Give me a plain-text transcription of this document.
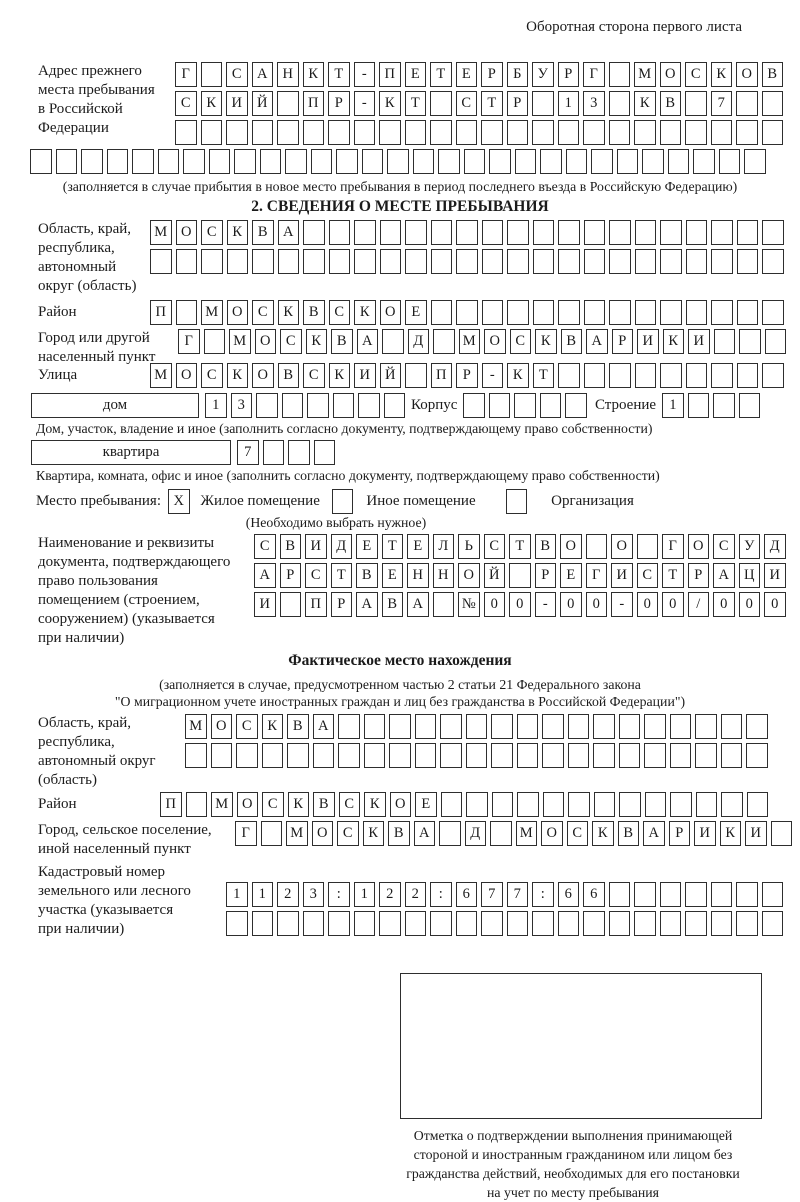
Оборотная сторона первого листа
Адрес прежнего
места пребывания
в Российской
Федерации
Г	С	А	Н	К	Т	-	П	Е	Т	Е	Р	Б	У	Р	Г	М О	С	К	О	В
С	К	И	Й	П	Р	-	К	Т	С	Т	Р	1	3	К	В	7
(заполняется в случае прибытия в новое место пребывания в период последнего въезда в Российскую Федерацию)
2. СВЕДЕНИЯ О МЕСТЕ ПРЕБЫВАНИЯ
Область, край,
республика,
автономный
округ (область)
М О	С	К	В	А
Район	П	М О	С	К	В	С	К	О	Е
Город или другой
населенный пункт
Г	М О	С	К	В	А	Д	М О	С	К	В	А	Р	И	К	И
Улица	М О	С	К	О	В	С	К	И	Й	П	Р	-	К	Т
дом	1	3	Корпус	Строение 1
Дом, участок, владение и иное (заполнить согласно документу, подтверждающему право собственности)
квартира	7
Квартира, комната, офис и иное (заполнить согласно документу, подтверждающему право собственности)
Место пребывания: X	Жилое помещение	Иное помещение	Организация
(Необходимо выбрать нужное)
Наименование и реквизиты
документа, подтверждающего
право пользования
помещением (строением,
сооружением) (указывается
при наличии)
С	В	И	Д	Е	Т	Е	Л	Ь	С	Т	В	О	О	Г	О	С	У	Д
А	Р	С	Т	В	Е	Н	Н	О	Й	Р	Е	Г	И	С	Т	Р	А	Ц	И
И	П	Р	А	В	А	№	0	0	-	0	0	-	0	0	/	0	0	0
Фактическое место нахождения
(заполняется в случае, предусмотренном частью 2 статьи 21 Федерального закона
"О миграционном учете иностранных граждан и лиц без гражданства в Российской Федерации")
Область, край,
республика,
автономный округ
(область)
М О	С	К	В	А
Район	П	М О	С	К	В	С	К	О	Е
Город, сельское поселение,
иной населенный пункт
Г	М О	С	К	В	А	Д	М О	С	К	В	А	Р	И	К	И
Кадастровый номер
земельного или лесного
участка (указывается
при наличии)
1	1	2	3	:	1	2	2	:	6	7	7	:	6	6
Отметка о подтверждении выполнения принимающей
стороной и иностранным гражданином или лицом без
гражданства действий, необходимых для его постановки
на учет по месту пребывания
